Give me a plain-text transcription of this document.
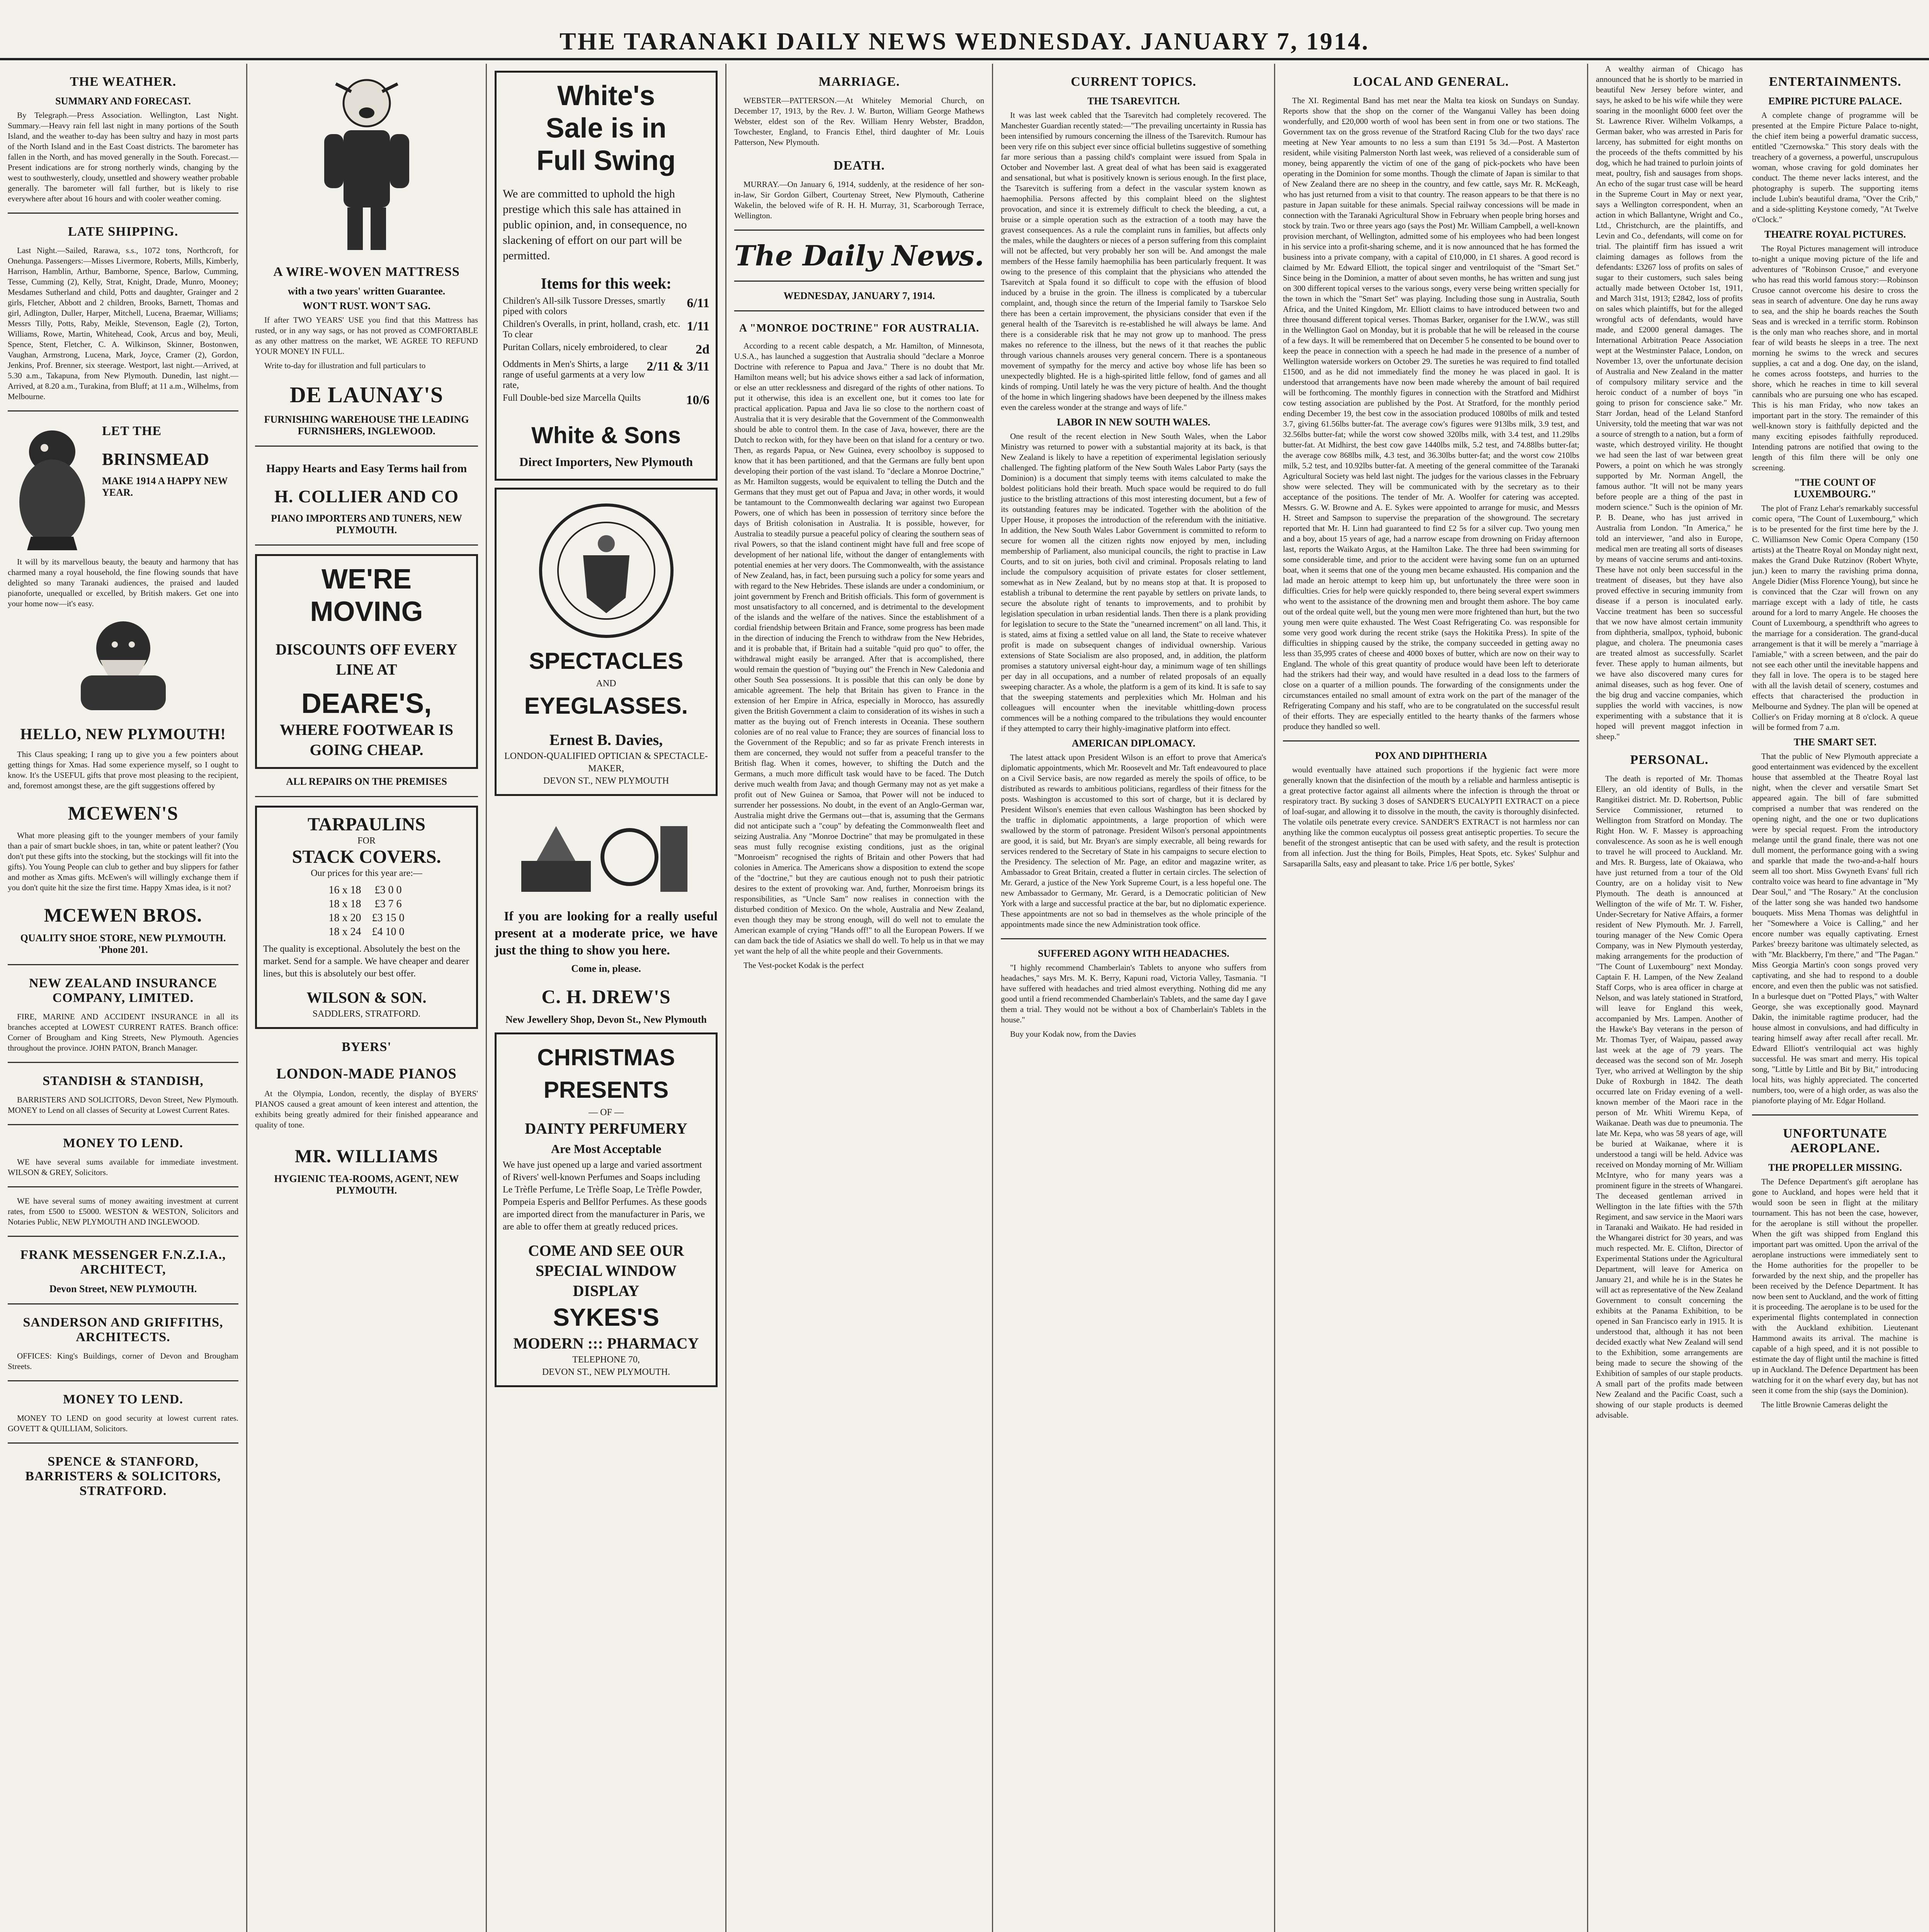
THE TARANAKI DAILY NEWS WEDNESDAY. JANUARY 7, 1914.
THE WEATHER.
SUMMARY AND FORECAST.

By Telegraph.—Press Association. Wellington, Last Night. Summary.—Heavy rain fell last night in many portions of the South Island, and the weather to-day has been sultry and hazy in most parts of the North Island and in the East Coast districts. The barometer has fallen in the North, and has moved generally in the South. Forecast.—Present indications are for strong northerly winds, changing by the west to southwesterly, cloudy, unsettled and showery weather probable generally. The barometer will fall further, but is likely to rise everywhere after about 16 hours and with cooler weather coming.

LATE SHIPPING.

Last Night.—Sailed, Rarawa, s.s., 1072 tons, Northcroft, for Onehunga. Passengers:—Misses Livermore, Roberts, Mills, Kimberly, Harrison, Hamblin, Arthur, Bamborne, Spence, Barlow, Cumming, Tesse, Cumming (2), Kelly, Strat, Knight, Drade, Munro, Mooney; Mesdames Sutherland and child, Potts and daughter, Grainger and 2 girls, Fletcher, Abbott and 2 children, Brooks, Barnett, Thomas and girl, Adlington, Duller, Harper, Mitchell, Lucena, Braemar, Williams; Messrs Tilly, Potts, Raby, Meikle, Stevenson, Eagle (2), Torton, Williams, Rowe, Martin, Whitehead, Cook, Arcus and boy, Meuli, Spence, Stent, Fletcher, C. A. Wilkinson, Skinner, Bostonwen, Vaughan, Armstrong, Lucena, Mark, Joyce, Cramer (2), Gordon, Jenkins, Prof. Brenner, six steerage. Westport, last night.—Arrived, at 5.30 a.m., Takapuna, from New Plymouth. Dunedin, last night.—Arrived, at 8.20 a.m., Turakina, from Bluff; at 11 a.m., Wilhelms, from Melbourne.

LET THE
BRINSMEAD
MAKE 1914 A HAPPY NEW YEAR.

It will by its marvellous beauty, the beauty and harmony that has charmed many a royal household, the fine flowing sounds that have delighted so many Taranaki audiences, the praised and lauded pianoforte, unequalled or excelled, by British makers. Get one into your home now—it's easy.

HELLO, NEW PLYMOUTH!

This Claus speaking; I rang up to give you a few pointers about getting things for Xmas. Had some experience myself, so I ought to know. It's the USEFUL gifts that prove most pleasing to the recipient, and, foremost amongst these, are the gift suggestions offered by

MCEWEN'S

What more pleasing gift to the younger members of your family than a pair of smart buckle shoes, in tan, white or patent leather? (You don't put these gifts into the stocking, but the stockings will fit into the gifts). You Young People can club to gether and buy slippers for father and mother as Xmas gifts. McEwen's will willingly exchange them if you don't quite hit the size the first time. Happy Xmas idea, is it not?

MCEWEN BROS.
QUALITY SHOE STORE, NEW PLYMOUTH. 'Phone 201.
NEW ZEALAND INSURANCE COMPANY, LIMITED.

FIRE, MARINE AND ACCIDENT INSURANCE in all its branches accepted at LOWEST CURRENT RATES. Branch office: Corner of Brougham and King Streets, New Plymouth. Agencies throughout the province. JOHN PATON, Branch Manager.

STANDISH & STANDISH,

BARRISTERS AND SOLICITORS, Devon Street, New Plymouth. MONEY to Lend on all classes of Security at Lowest Current Rates.

MONEY TO LEND.

WE have several sums available for immediate investment. WILSON & GREY, Solicitors.

WE have several sums of money awaiting investment at current rates, from £500 to £5000. WESTON & WESTON, Solicitors and Notaries Public, NEW PLYMOUTH AND INGLEWOOD.

FRANK MESSENGER F.N.Z.I.A., ARCHITECT,
Devon Street, NEW PLYMOUTH.
SANDERSON AND GRIFFITHS, ARCHITECTS.

OFFICES: King's Buildings, corner of Devon and Brougham Streets.

MONEY TO LEND.

MONEY TO LEND on good security at lowest current rates. GOVETT & QUILLIAM, Solicitors.

SPENCE & STANFORD, BARRISTERS & SOLICITORS, STRATFORD.
A WIRE-WOVEN MATTRESS
with a two years' written Guarantee.
WON'T RUST. WON'T SAG.

If after TWO YEARS' USE you find that this Mattress has rusted, or in any way sags, or has not proved as COMFORTABLE as any other mattress on the market, WE AGREE TO REFUND YOUR MONEY IN FULL.

Write to-day for illustration and full particulars to

DE LAUNAY'S
FURNISHING WAREHOUSE THE LEADING FURNISHERS, INGLEWOOD.
Happy Hearts and Easy Terms hail from
H. COLLIER AND CO
PIANO IMPORTERS AND TUNERS, NEW PLYMOUTH.
WE'RE
MOVING
DISCOUNTS OFF EVERY LINE AT
DEARE'S,
WHERE FOOTWEAR IS GOING CHEAP.
ALL REPAIRS ON THE PREMISES
TARPAULINS
FOR
STACK COVERS.
Our prices for this year are:—
16 x 18	£3 0 0
18 x 18	£3 7 6
18 x 20	£3 15 0
18 x 24	£4 10 0
The quality is exceptional. Absolutely the best on the market. Send for a sample. We have cheaper and dearer lines, but this is absolutely our best offer.
WILSON & SON.
SADDLERS, STRATFORD.
BYERS'
LONDON-MADE PIANOS

At the Olympia, London, recently, the display of BYERS' PIANOS caused a great amount of keen interest and attention, the exhibits being greatly admired for their finished appearance and quality of tone.

MR. WILLIAMS
HYGIENIC TEA-ROOMS, AGENT, NEW PLYMOUTH.
White's
Sale is in
Full Swing
We are committed to uphold the high prestige which this sale has attained in public opinion, and, in consequence, no slackening of effort on our part will be permitted.
Items for this week:
Children's All-silk Tussore Dresses, smartly piped with colors
6/11
Children's Overalls, in print, holland, crash, etc. To clear
1/11
Puritan Collars, nicely embroidered, to clear	2d
Oddments in Men's Shirts, a large range of useful garments at a very low rate,
2/11 & 3/11
Full Double-bed size Marcella Quilts	10/6
White & Sons
Direct Importers, New Plymouth
SPECTACLES
AND
EYEGLASSES.
Ernest B. Davies,
LONDON-QUALIFIED OPTICIAN & SPECTACLE-MAKER,
DEVON ST., NEW PLYMOUTH

If you are looking for a really useful present at a moderate price, we have just the thing to show you here.

Come in, please.
C. H. DREW'S
New Jewellery Shop, Devon St., New Plymouth
CHRISTMAS
PRESENTS
— OF —
DAINTY PERFUMERY
Are Most Acceptable
We have just opened up a large and varied assortment of Rivers' well-known Perfumes and Soaps including Le Trèfle Perfume, Le Trèfle Soap, Le Trèfle Powder, Pompeia Esperis and Bellfor Perfumes. As these goods are imported direct from the manufacturer in Paris, we are able to offer them at greatly reduced prices.
COME AND SEE OUR SPECIAL WINDOW DISPLAY
SYKES'S
MODERN ::: PHARMACY
TELEPHONE 70,
DEVON ST., NEW PLYMOUTH.
MARRIAGE.

WEBSTER—PATTERSON.—At Whiteley Memorial Church, on December 17, 1913, by the Rev. J. W. Burton, William George Mathews Webster, eldest son of the Rev. William Henry Webster, Braddon, Towchester, England, to Francis Ethel, third daughter of Mr. Louis Patterson, New Plymouth.

DEATH.

MURRAY.—On January 6, 1914, suddenly, at the residence of her son-in-law, Sir Gordon Gilbert, Courtenay Street, New Plymouth, Catherine Wakelin, the beloved wife of R. H. H. Murray, 31, Scarborough Terrace, Wellington.

The Daily News.
WEDNESDAY, JANUARY 7, 1914.
A "MONROE DOCTRINE" FOR AUSTRALIA.

According to a recent cable despatch, a Mr. Hamilton, of Minnesota, U.S.A., has launched a suggestion that Australia should "declare a Monroe Doctrine with reference to Papua and Java." There is no doubt that Mr. Hamilton means well; but his advice shows either a sad lack of information, or else an utter recklessness and disregard of the rights of other nations. To put it otherwise, this idea is an excellent one, but it comes too late for practical application. Papua and Java lie so close to the northern coast of Australia that it is very desirable that the Government of the Commonwealth should be able to control them. In the case of Java, however, there are the Dutch to reckon with, for they have been on that island for a century or two. Then, as regards Papua, or New Guinea, every schoolboy is supposed to know that it has been partitioned, and that the Germans are fully bent upon developing their portion of the vast island. To "declare a Monroe Doctrine," as Mr. Hamilton suggests, would be equivalent to telling the Dutch and the Germans that they must get out of Papua and Java; in other words, it would be tantamount to the Commonwealth declaring war against two European Powers, one of which has been in possession of territory since before the days of British colonisation in Australia. It is possible, however, for Australia to steadily pursue a peaceful policy of clearing the southern seas of rival Powers, so that the island continent might have full and free scope of development of her national life, without the danger of entanglements with potential enemies at her very doors. The Commonwealth, with the assistance of New Zealand, has, in fact, been pursuing such a policy for some years and with regard to the New Hebrides. These islands are under a condominium, or joint government by French and British officials. This form of government is most unsatisfactory to all concerned, and is detrimental to the development of the islands and the welfare of the natives. Since the establishment of a cordial friendship between Britain and France, some progress has been made in the direction of inducing the French to withdraw from the New Hebrides, and it is probable that, if Britain had a suitable "quid pro quo" to offer, the withdrawal might easily be arranged. After that is accomplished, there would remain the question of "buying out" the French in New Caledonia and other South Sea possessions. It is possible that this can only be done by amicable agreement. The help that Britain has given to France in the extension of her Empire in Africa, especially in Morocco, has assuredly given the British Government a claim to consideration of its wishes in such a matter as the buying out of French interests in Oceania. These southern colonies are of no real value to France; they are sources of financial loss to the Government of the Republic; and so far as private French interests in them are concerned, they would not suffer from a peaceful transfer to the British flag. When it comes, however, to shifting the Dutch and the Germans, a much more difficult task would have to be faced. The Dutch derive much wealth from Java; and though Germany may not as yet make a profit out of New Guinea or Samoa, that Power will not be induced to surrender her possessions. No doubt, in the event of an Anglo-German war, Australia might drive the Germans out—that is, assuming that the Germans did not anticipate such a "coup" by defeating the Commonwealth fleet and seizing Australia. Any "Monroe Doctrine" that may be promulgated in these seas must fully recognise existing conditions, just as the original "Monroeism" recognised the rights of Britain and other Powers that had colonies in America. The Americans show a disposition to extend the scope of the "doctrine," but they are cautious enough not to push their patriotic desires to the extent of provoking war. And, further, Monroeism brings its responsibilities, as "Uncle Sam" now realises in connection with the disturbed condition of Mexico. On the whole, Australia and New Zealand, even though they may be strong enough, will do well not to emulate the American example of crying "Hands off!" to all the European Powers. If we can dam back the tide of Asiatics we shall do well. To help us in that we may yet want the help of all the white people and their Governments.

The Vest-pocket Kodak is the perfect

CURRENT TOPICS.
THE TSAREVITCH.

It was last week cabled that the Tsarevitch had completely recovered. The Manchester Guardian recently stated:—"The prevailing uncertainty in Russia has been intensified by rumours concerning the illness of the Tsarevitch. Rumour has been very rife on this subject ever since official bulletins suggestive of something far more serious than a passing child's complaint were issued from Spala in October and November last. A great deal of what has been said is exaggerated and sensational, but what is positively known is serious enough. In the first place, the Tsarevitch is suffering from a defect in the vascular system known as haemophilia. Persons affected by this complaint bleed on the slightest provocation, and since it is extremely difficult to check the bleeding, a cut, a bruise or a simple operation such as the extraction of a tooth may have the gravest consequences. As a rule the complaint runs in families, but affects only the males, while the daughters or nieces of a person suffering from this complaint will not be affected, but very probably her son will be. And amongst the male members of the Hesse family haemophilia has been particularly frequent. It was owing to the presence of this complaint that the physicians who attended the Tsarevitch at Spala found it so difficult to cope with the effusion of blood induced by a bruise in the groin. The illness is complicated by a tubercular complaint, and, though since the return of the Imperial family to Tsarskoe Selo there has been a certain improvement, the physicians consider that even if the general health of the Tsarevitch is re-established he will always be lame. And there is a considerable risk that he may not grow up to manhood. The press makes no reference to the illness, but the news of it that reaches the public through various channels arouses very general concern. There is a spontaneous movement of sympathy for the mercy and active boy whose life has been so unexpectedly blighted. He is a high-spirited little fellow, fond of games and all kinds of romping. Until lately he was the very picture of health. And the thought of the home in which lingering shadows have been deepened by the illness makes even the careless wonder at the strange and ways of life."

LABOR IN NEW SOUTH WALES.

One result of the recent election in New South Wales, when the Labor Ministry was returned to power with a substantial majority at its back, is that New Zealand is likely to have a repetition of experimental legislation seriously challenged. The fighting platform of the New South Wales Labor Party (says the Dominion) is a document that simply teems with items calculated to make the boldest politicians hold their breath. Much space would be required to do full justice to the bristling attractions of this most interesting document, but a few of its outstanding features may be indicated. Together with the abolition of the Upper House, it proposes the introduction of the referendum with the initiative. In addition, the New South Wales Labor Government is committed to reform to secure for women all the citizen rights now enjoyed by men, including membership of Parliament, also municipal councils, the right to practise in Law Courts, and to sit on juries, both civil and criminal. Proposals relating to land include the compulsory acquisition of private estates for closer settlement, somewhat as in New Zealand, but by no means stop at that. It is proposed to establish a tribunal to determine the rent payable by settlers on private lands, to secure the absolute right of tenants to improvements, and to prohibit by legislation speculation in urban residential lands. Then there is a plank providing for legislation to secure to the State the "unearned increment" on all land. This, it is stated, aims at fixing a settled value on all land, the State to receive whatever profit is made on subsequent changes of individual ownership. Various extensions of State Socialism are also proposed, and, in addition, the platform promises a statutory universal eight-hour day, a minimum wage of ten shillings per day in all occupations, and a number of related proposals of an equally sweeping character. As a whole, the platform is a gem of its kind. It is safe to say that the sweeping statements and perplexities which Mr. Holman and his colleagues will encounter when the inevitable whittling-down process commences will be a nothing compared to the tribulations they would encounter if they attempted to carry their highly-imaginative platform into effect.

AMERICAN DIPLOMACY.

The latest attack upon President Wilson is an effort to prove that America's diplomatic appointments, which Mr. Roosevelt and Mr. Taft endeavoured to place on a Civil Service basis, are now regarded as merely the spoils of office, to be distributed as rewards to ambitious politicians, regardless of their fitness for the posts. Washington is accustomed to this sort of charge, but it is declared by President Wilson's enemies that even callous Washington has been shocked by the traffic in diplomatic appointments, a large proportion of which were swallowed by the storm of patronage. President Wilson's personal appointments are good, it is said, but Mr. Bryan's are simply execrable, all being rewards for services rendered to the Secretary of State in his campaigns to secure election to the Presidency. The selection of Mr. Page, an editor and magazine writer, as Ambassador to Great Britain, created a flutter in certain circles. The selection of Mr. Gerard, a justice of the New York Supreme Court, is a less hopeful one. The new Ambassador to Germany, Mr. Gerard, is a Democratic politician of New York with a large and successful practice at the bar, but no diplomatic experience. These appointments are not so bad in themselves as the whole principle of the appointments made since the new Administration took office.

SUFFERED AGONY WITH HEADACHES.

"I highly recommend Chamberlain's Tablets to anyone who suffers from headaches," says Mrs. M. K. Berry, Kapuni road, Victoria Valley, Tasmania. "I have suffered with headaches and tried almost everything. Nothing did me any good until a friend recommended Chamberlain's Tablets, and the same day I gave them a trial. They would not be without a box of Chamberlain's Tablets in the house."

Buy your Kodak now, from the Davies

LOCAL AND GENERAL.

The XI. Regimental Band has met near the Malta tea kiosk on Sundays on Sunday. Reports show that the shop on the corner of the Wanganui Valley has been doing wonderfully, and £20,000 worth of wool has been sent in from one or two stations. The Government tax on the gross revenue of the Stratford Racing Club for the two days' race meeting at New Year amounts to no less a sum than £191 5s 3d.—Post. A Masterton resident, while visiting Palmerston North last week, was relieved of a considerable sum of money, being apparently the victim of one of the gang of pick-pockets who have been operating in the Dominion for some months. Though the climate of Japan is similar to that of New Zealand there are no sheep in the country, and few cattle, says Mr. R. McKeagh, who has just returned from a visit to that country. The reason appears to be that there is no pasture in Japan suitable for these animals. Special railway concessions will be made in connection with the Taranaki Agricultural Show in February when people bring horses and stock by train. Two or three years ago (says the Post) Mr. William Campbell, a well-known provision merchant, of Wellington, admitted some of his employees who had been longest in his service into a profit-sharing scheme, and it is now announced that he has formed the business into a private company, with a capital of £10,000, in £1 shares. A good record is claimed by Mr. Edward Elliott, the topical singer and ventriloquist of the "Smart Set." Since being in the Dominion, a matter of about seven months, he has written and sung just on 300 different topical verses to the various songs, every verse being written specially for the town in which the "Smart Set" was playing. Including those sung in Australia, South Africa, and the United Kingdom, Mr. Elliott claims to have introduced between two and three thousand different topical verses. Thomas Barker, organiser for the I.W.W., was still in the Wellington Gaol on Monday, but it is probable that he will be released in the course of a few days. It will be remembered that on December 5 he consented to be bound over to keep the peace in connection with a speech he had made in the presence of a number of Wellington waterside workers on October 29. The sureties he was required to find totalled £1500, and as he did not immediately find the money he was placed in gaol. It is understood that arrangements have now been made whereby the amount of bail required will be forthcoming. The monthly figures in connection with the Stratford and Midhirst cow testing association are published by the Post. At Stratford, for the monthly period ending December 19, the best cow in the association produced 1080lbs of milk and tested 3.7, giving 61.56lbs butter-fat. The average cow's figures were 913lbs milk, 3.9 test, and 32.56lbs butter-fat; while the worst cow showed 320lbs milk, with 3.4 test, and 11.29lbs butter-fat. At Midhirst, the best cow gave 1440lbs milk, 5.2 test, and 74.88lbs butter-fat; the average cow 868lbs milk, 4.3 test, and 36.30lbs butter-fat; and the worst cow 210lbs milk, 5.2 test, and 10.92lbs butter-fat. A meeting of the general committee of the Taranaki Agricultural Society was held last night. The judges for the various classes in the February show were selected. They will be communicated with by the secretary as to their acceptance of the positions. The tender of Mr. A. Woolfer for catering was accepted. Messrs. G. W. Browne and A. E. Sykes were appointed to arrange for music, and Messrs H. Street and Sampson to supervise the preparation of the showground. The secretary reported that Mr. H. Linn had guaranteed to find £2 5s for a silver cup. Two young men and a boy, about 15 years of age, had a narrow escape from drowning on Friday afternoon last, reports the Waikato Argus, at the Hamilton Lake. The three had been swimming for some considerable time, and prior to the accident were having some fun on an upturned boat, when it seems that one of the young men became exhausted. His companion and the lad made an heroic attempt to keep him up, but unfortunately the three were soon in difficulties. Cries for help were quickly responded to, there being several expert swimmers who went to the assistance of the drowning men and brought them ashore. The boy came out of the ordeal quite well, but the young men were more frightened than hurt, but the two young men were quite exhausted. The West Coast Refrigerating Co. was responsible for some very good work during the recent strike (says the Hokitika Press). In spite of the difficulties in shipping caused by the strike, the company succeeded in getting away no less than 35,995 crates of cheese and 4000 boxes of butter, which are now on their way to England. The whole of this great quantity of produce would have been left to deteriorate had the strikers had their way, and would have resulted in a dead loss to the farmers of close on a quarter of a million pounds. The forwarding of the consignments under the circumstances entailed no small amount of extra work on the part of the manager of the Refrigerating Company and his staff, who are to be congratulated on the successful result of their efforts. They are especially entitled to the hearty thanks of the farmers whose produce they handled so well.

POX AND DIPHTHERIA

would eventually have attained such proportions if the hygienic fact were more generally known that the disinfection of the mouth by a reliable and harmless antiseptic is a great protective factor against all ailments where the infection is through the throat or respiratory tract. By sucking 3 doses of SANDER'S EUCALYPTI EXTRACT on a piece of loaf-sugar, and allowing it to dissolve in the mouth, the cavity is thoroughly disinfected. The volatile oils penetrate every crevice. SANDER'S EXTRACT is not harmless nor can anything like the common eucalyptus oil possess great antiseptic properties. To secure the benefit of the strongest antiseptic that can be used with safety, and the result is protection from all infection. Just the thing for Boils, Pimples, Heat Spots, etc. Sykes' Sulphur and Sarsaparilla Salts, easy and pleasant to take. Price 1/6 per bottle, Sykes'

A wealthy airman of Chicago has announced that he is shortly to be married in beautiful New Jersey before winter, and says, he asked to be his wife while they were soaring in the moonlight 6000 feet over the St. Lawrence River. Wilhelm Volkamps, a German baker, who was arrested in Paris for larceny, has submitted for eight months on the proceeds of the thefts committed by his dog, which he had trained to purloin joints of meat, poultry, fish and sausages from shops. An echo of the sugar trust case will be heard in the Supreme Court in May or next year, says a Wellington correspondent, when an action in which Ballantyne, Wright and Co., Ltd., Christchurch, are the plaintiffs, and Levin and Co., defendants, will come on for trial. The plaintiff firm has issued a writ claiming damages as follows from the defendants: £3267 loss of profits on sales of sugar to their customers, such sales being actually made between October 1st, 1911, and March 31st, 1913; £2842, loss of profits on sales which plaintiffs, but for the alleged wrongful acts of defendants, would have made, and £2000 general damages. The International Arbitration Peace Association wept at the Westminster Palace, London, on November 13, over the unfortunate decision of Australia and New Zealand in the matter of compulsory military service and the heroic conduct of a number of boys "in going to prison for conscience sake." Mr. Starr Jordan, head of the Leland Stanford University, told the meeting that war was not a source of strength to a nation, but a form of waste, which destroyed virility. He thought we had seen the last of war between great Powers, a point on which he was strongly supported by Mr. Norman Angell, the famous author. "It will not be many years before people are a thing of the past in modern science." Such is the opinion of Mr. P. B. Deane, who has just arrived in Australia from London. "In America," he told an interviewer, "and also in Europe, medical men are treating all sorts of diseases by means of vaccine serums and anti-toxins. These have not only been successful in the treatment of diseases, but they have also proved effective in securing immunity from disease if a person is inoculated early. Vaccine treatment has been so successful that we now have almost certain immunity from diphtheria, smallpox, typhoid, bubonic plague, and cholera. The pneumonia cases are treated almost as successfully. Scarlet fever. These apply to human ailments, but we have also discovered many cures for animal diseases, such as hog fever. One of the big drug and vaccine companies, which supplies the world with vaccines, is now experimenting with a substance that it is hoped will prevent maggot infection in sheep."

PERSONAL.

The death is reported of Mr. Thomas Ellery, an old identity of Bulls, in the Rangitikei district. Mr. D. Robertson, Public Service Commissioner, returned to Wellington from Stratford on Monday. The Right Hon. W. F. Massey is approaching convalescence. As soon as he is well enough to travel he will proceed to Auckland. Mr. and Mrs. R. Burgess, late of Okaiawa, who have just returned from a tour of the Old Country, are on a holiday visit to New Plymouth. The death is announced at Wellington of the wife of Mr. T. W. Fisher, Under-Secretary for Native Affairs, a former resident of New Plymouth. Mr. J. Farrell, touring manager of the New Comic Opera Company, was in New Plymouth yesterday, making arrangements for the production of "The Count of Luxembourg" next Monday. Captain F. H. Lampen, of the New Zealand Staff Corps, who is area officer in charge at Nelson, and was lately stationed in Stratford, will leave for England this week, accompanied by Mrs. Lampen. Another of the Hawke's Bay veterans in the person of Mr. Thomas Tyer, of Waipau, passed away last week at the age of 79 years. The deceased was the second son of Mr. Joseph Tyer, who arrived at Wellington by the ship Duke of Roxburgh in 1842. The death occurred late on Friday evening of a well-known member of the Maori race in the person of Mr. Whiti Wiremu Kepa, of Waikanae. Death was due to pneumonia. The late Mr. Kepa, who was 58 years of age, will be buried at Waikanae, where it is understood a tangi will be held. Advice was received on Monday morning of Mr. William McIntyre, who for many years was a prominent figure in the streets of Whangarei. The deceased gentleman arrived in Wellington in the late fifties with the 57th Regiment, and saw service in the Maori wars in Taranaki and Waikato. He had resided in the Whangarei district for 30 years, and was much respected. Mr. E. Clifton, Director of Experimental Stations under the Agricultural Department, will leave for America on January 21, and while he is in the States he will act as representative of the New Zealand Government to consult concerning the exhibits at the Panama Exhibition, to be opened in San Francisco early in 1915. It is understood that, although it has not been decided exactly what New Zealand will send to the Exhibition, some arrangements are being made to secure the showing of the Exhibition of samples of our staple products. A small part of the profits made between New Zealand and the Pacific Coast, such a showing of our staple products is deemed advisable.

ENTERTAINMENTS.
EMPIRE PICTURE PALACE.

A complete change of programme will be presented at the Empire Picture Palace to-night, the chief item being a powerful dramatic success, entitled "Czernowska." This story deals with the treachery of a governess, a powerful, unscrupulous woman, whose craving for gold dominates her conduct. The theme never lacks interest, and the photography is superb. The supporting items include Lubin's beautiful drama, "Over the Crib," and a side-splitting Keystone comedy, "At Twelve o'Clock."

THEATRE ROYAL PICTURES.

The Royal Pictures management will introduce to-night a unique moving picture of the life and adventures of "Robinson Crusoe," and everyone who has read this world famous story:—Robinson Crusoe cannot overcome his desire to cross the seas in search of adventure. One day he runs away to sea, and the ship he boards reaches the South Seas and is wrecked in a terrific storm. Robinson is the only man who reaches shore, and in mortal fear of wild beasts he sleeps in a tree. The next morning he swims to the wreck and secures supplies, a cat and a dog. One day, on the island, he comes across footsteps, and hurries to the shore, which he reaches in time to kill several cannibals who are pursuing one who has escaped. This is his man Friday, who now takes an important part in the story. The remainder of this well-known story is faithfully depicted and the many exciting episodes faithfully reproduced. Intending patrons are notified that owing to the length of this film there will be only one screening.

"THE COUNT OF LUXEMBOURG."

The plot of Franz Lehar's remarkably successful comic opera, "The Count of Luxembourg," which is to be presented for the first time here by the J. C. Williamson New Comic Opera Company (150 artists) at the Theatre Royal on Monday night next, makes the Grand Duke Rutzinov (Robert Whyte, jun.) keen to marry the ravishing prima donna, Angele Didier (Miss Florence Young), but since he is convinced that the Czar will frown on any marriage except with a lady of title, he casts around for a lord to marry Angele. He chooses the Count of Luxembourg, a spendthrift who agrees to the marriage for a consideration. The grand-ducal arrangement is that it will be merely a "marriage à l'amiable," with a screen between, and the pair do not see each other until the inevitable happens and they fall in love. The opera is to be staged here with all the lavish detail of scenery, costumes and effects that characterised the production in Melbourne and Sydney. The plan will be opened at Collier's on Friday morning at 8 o'clock. A queue will be formed from 7 a.m.

THE SMART SET.

That the public of New Plymouth appreciate a good entertainment was evidenced by the excellent house that assembled at the Theatre Royal last night, when the clever and versatile Smart Set appeared again. The bill of fare submitted comprised a number that was rendered on the opening night, and the one or two duplications were by special request. From the introductory melange until the grand finale, there was not one dull moment, the performance going with a swing and sparkle that made the two-and-a-half hours seem all too short. Miss Gwyneth Evans' full rich contralto voice was heard to fine advantage in "My Dear Soul," and "The Rosary." At the conclusion of the latter song she was handed two handsome bouquets. Miss Mena Thomas was delightful in her "Somewhere a Voice is Calling," and her encore number was equally captivating. Ernest Parkes' breezy baritone was ultimately selected, as with "Mr. Blackberry, I'm there," and "The Pagan." Miss Georgia Martin's coon songs proved very captivating, and she had to respond to a double encore, and even then the public was not satisfied. In a burlesque duet on "Potted Plays," with Walter George, she was exceptionally good. Maynard Dakin, the inimitable ragtime producer, had the house almost in convulsions, and had difficulty in tearing himself away after recall after recall. Mr. Edward Elliott's ventriloquial act was highly successful. He was smart and merry. His topical song, "Little by Little and Bit by Bit," introducing local hits, was highly appreciated. The concerted numbers, too, were of a high order, as was also the pianoforte playing of Mr. Edgar Holland.

UNFORTUNATE AEROPLANE.
THE PROPELLER MISSING.

The Defence Department's gift aeroplane has gone to Auckland, and hopes were held that it would soon be seen in flight at the military tournament. This has not been the case, however, for the aeroplane is still without the propeller. When the gift was shipped from England this important part was omitted. Upon the arrival of the aeroplane instructions were immediately sent to the Home authorities for the propeller to be forwarded by the next ship, and the propeller has been received by the Defence Department. It has now been sent to Auckland, and the work of fitting it is proceeding. The aeroplane is to be used for the experimental flights contemplated in connection with the Auckland exhibition. Lieutenant Hammond awaits its arrival. The machine is capable of a high speed, and it is not possible to estimate the day of flight until the machine is fitted up in Auckland. The Defence Department has been watching for it on the wharf every day, but has not seen it come from the ship (says the Dominion).

The little Brownie Cameras delight the
